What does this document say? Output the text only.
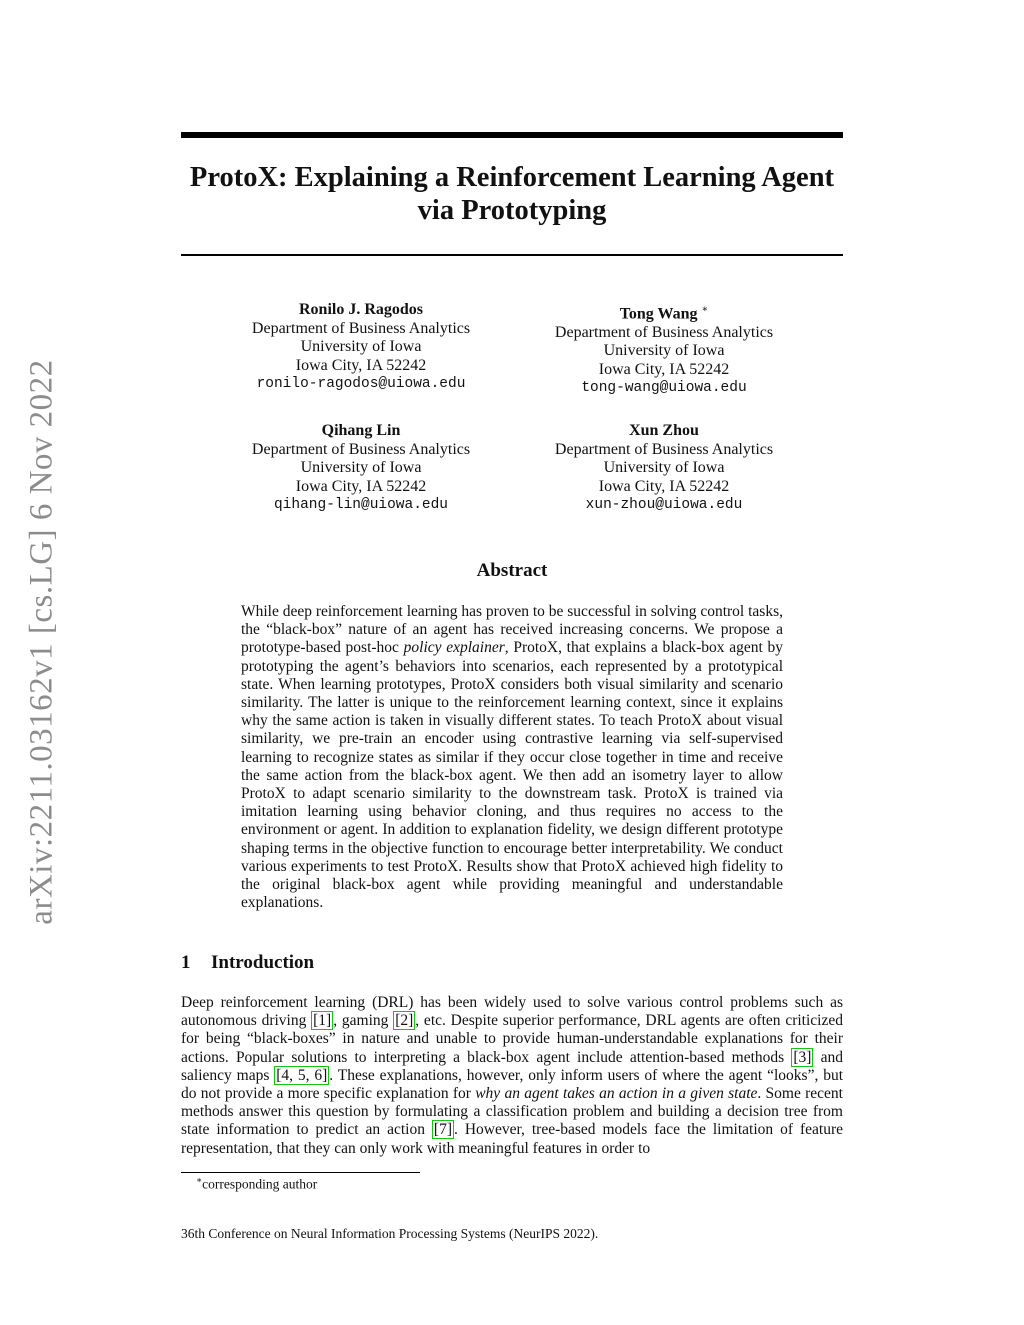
arXiv:2211.03162v1 [cs.LG] 6 Nov 2022
ProtoX: Explaining a Reinforcement Learning Agent
via Prototyping
Ronilo J. Ragodos
Department of Business Analytics
University of Iowa
Iowa City, IA 52242
ronilo-ragodos@uiowa.edu
Tong Wang ∗
Department of Business Analytics
University of Iowa
Iowa City, IA 52242
tong-wang@uiowa.edu
Qihang Lin
Department of Business Analytics
University of Iowa
Iowa City, IA 52242
qihang-lin@uiowa.edu
Xun Zhou
Department of Business Analytics
University of Iowa
Iowa City, IA 52242
xun-zhou@uiowa.edu
Abstract
While deep reinforcement learning has proven to be successful in solving control tasks, the “black-box” nature of an agent has received increasing concerns. We propose a prototype-based post-hoc policy explainer, ProtoX, that explains a black-box agent by prototyping the agent’s behaviors into scenarios, each represented by a prototypical state. When learning prototypes, ProtoX considers both visual similarity and scenario similarity. The latter is unique to the reinforcement learning context, since it explains why the same action is taken in visually different states. To teach ProtoX about visual similarity, we pre-train an encoder using contrastive learning via self-supervised learning to recognize states as similar if they occur close together in time and receive the same action from the black-box agent. We then add an isometry layer to allow ProtoX to adapt scenario similarity to the downstream task. ProtoX is trained via imitation learning using behavior cloning, and thus requires no access to the environment or agent. In addition to explanation fidelity, we design different prototype shaping terms in the objective function to encourage better interpretability. We conduct various experiments to test ProtoX. Results show that ProtoX achieved high fidelity to the original black-box agent while providing meaningful and understandable explanations.
1 Introduction
Deep reinforcement learning (DRL) has been widely used to solve various control problems such as autonomous driving [1] , gaming [2] , etc. Despite superior performance, DRL agents are often criticized for being “black-boxes” in nature and unable to provide human-understandable explanations for their actions. Popular solutions to interpreting a black-box agent include attention-based methods [3] and saliency maps [4, 5, 6] . These explanations, however, only inform users of where the agent “looks”, but do not provide a more specific explanation for why an agent takes an action in a given state. Some recent methods answer this question by formulating a classification problem and building a decision tree from state information to predict an action [7] . However, tree-based models face the limitation of feature representation, that they can only work with meaningful features in order to
∗corresponding author
36th Conference on Neural Information Processing Systems (NeurIPS 2022).
